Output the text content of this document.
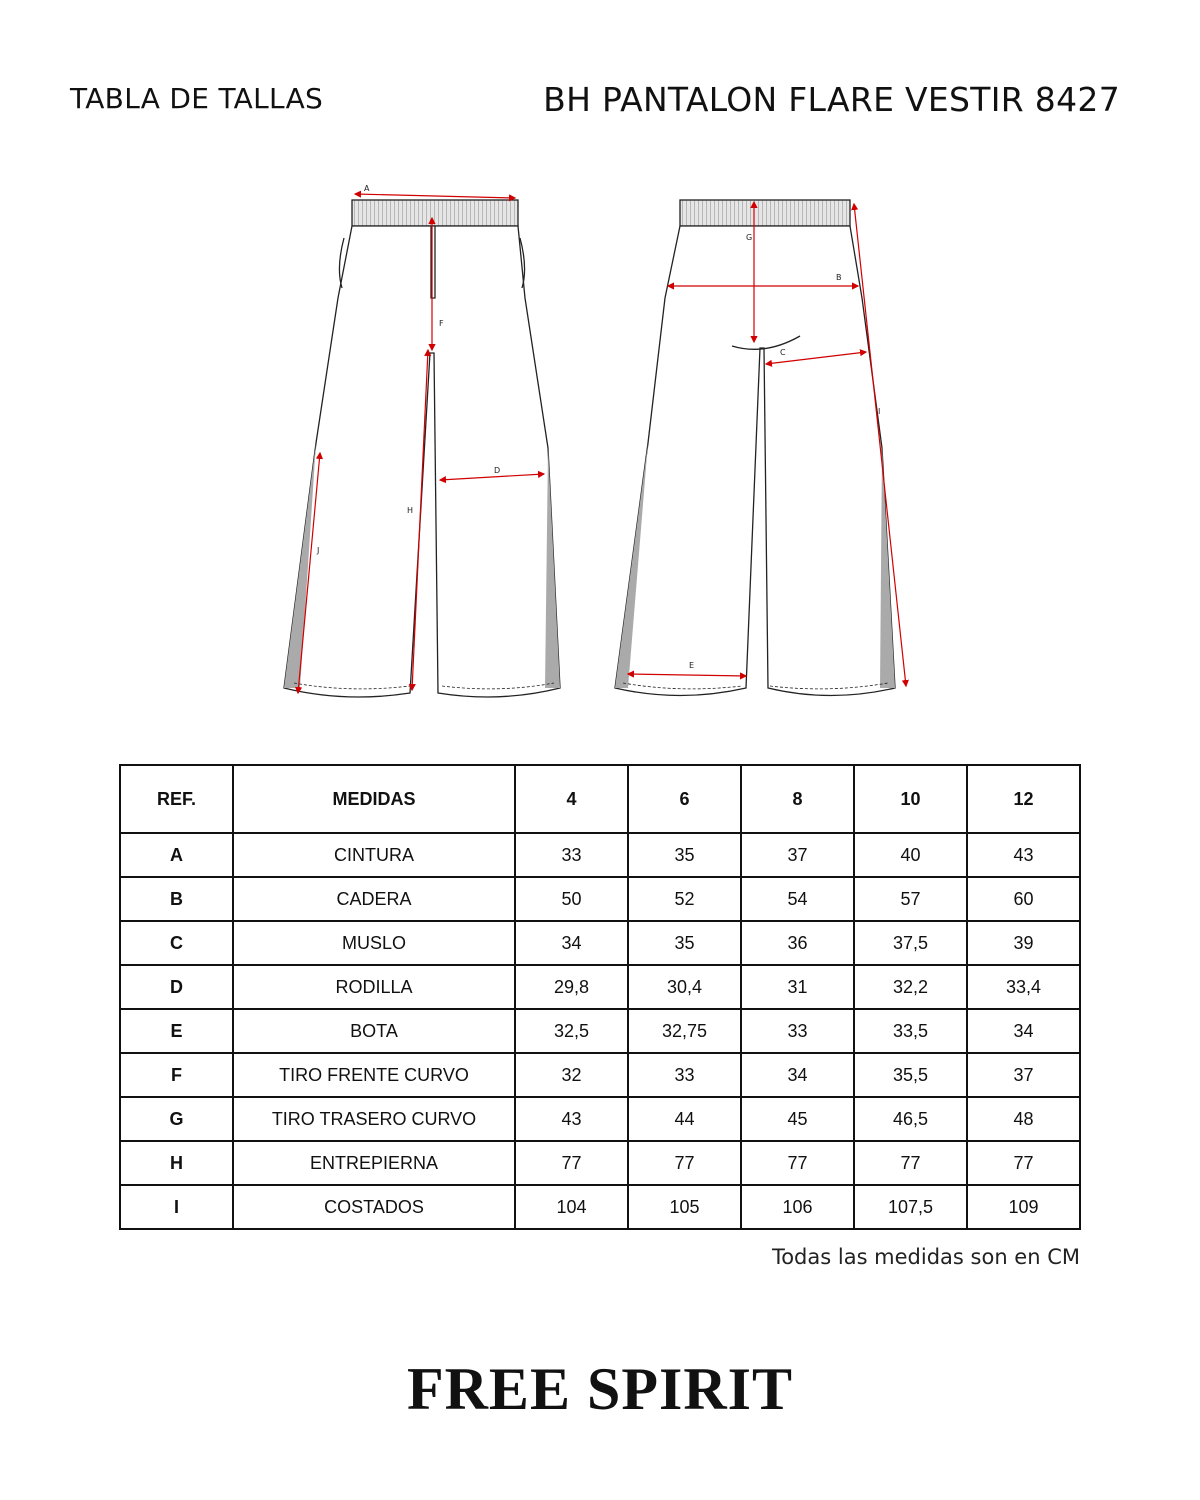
TABLA DE TALLAS	BH PANTALON FLARE VESTIR 8427
A
F
H
D
J
G
B
C
I
E
REF.	MEDIDAS	4	6	8	10	12
A	CINTURA	33	35	37	40	43
B	CADERA	50	52	54	57	60
C	MUSLO	34	35	36	37,5	39
D	RODILLA	29,8	30,4	31	32,2	33,4
E	BOTA	32,5	32,75	33	33,5	34
F	TIRO FRENTE CURVO	32	33	34	35,5	37
G	TIRO TRASERO CURVO	43	44	45	46,5	48
H	ENTREPIERNA	77	77	77	77	77
I	COSTADOS	104	105	106	107,5	109
Todas las medidas son en CM
FREE SPIRIT
